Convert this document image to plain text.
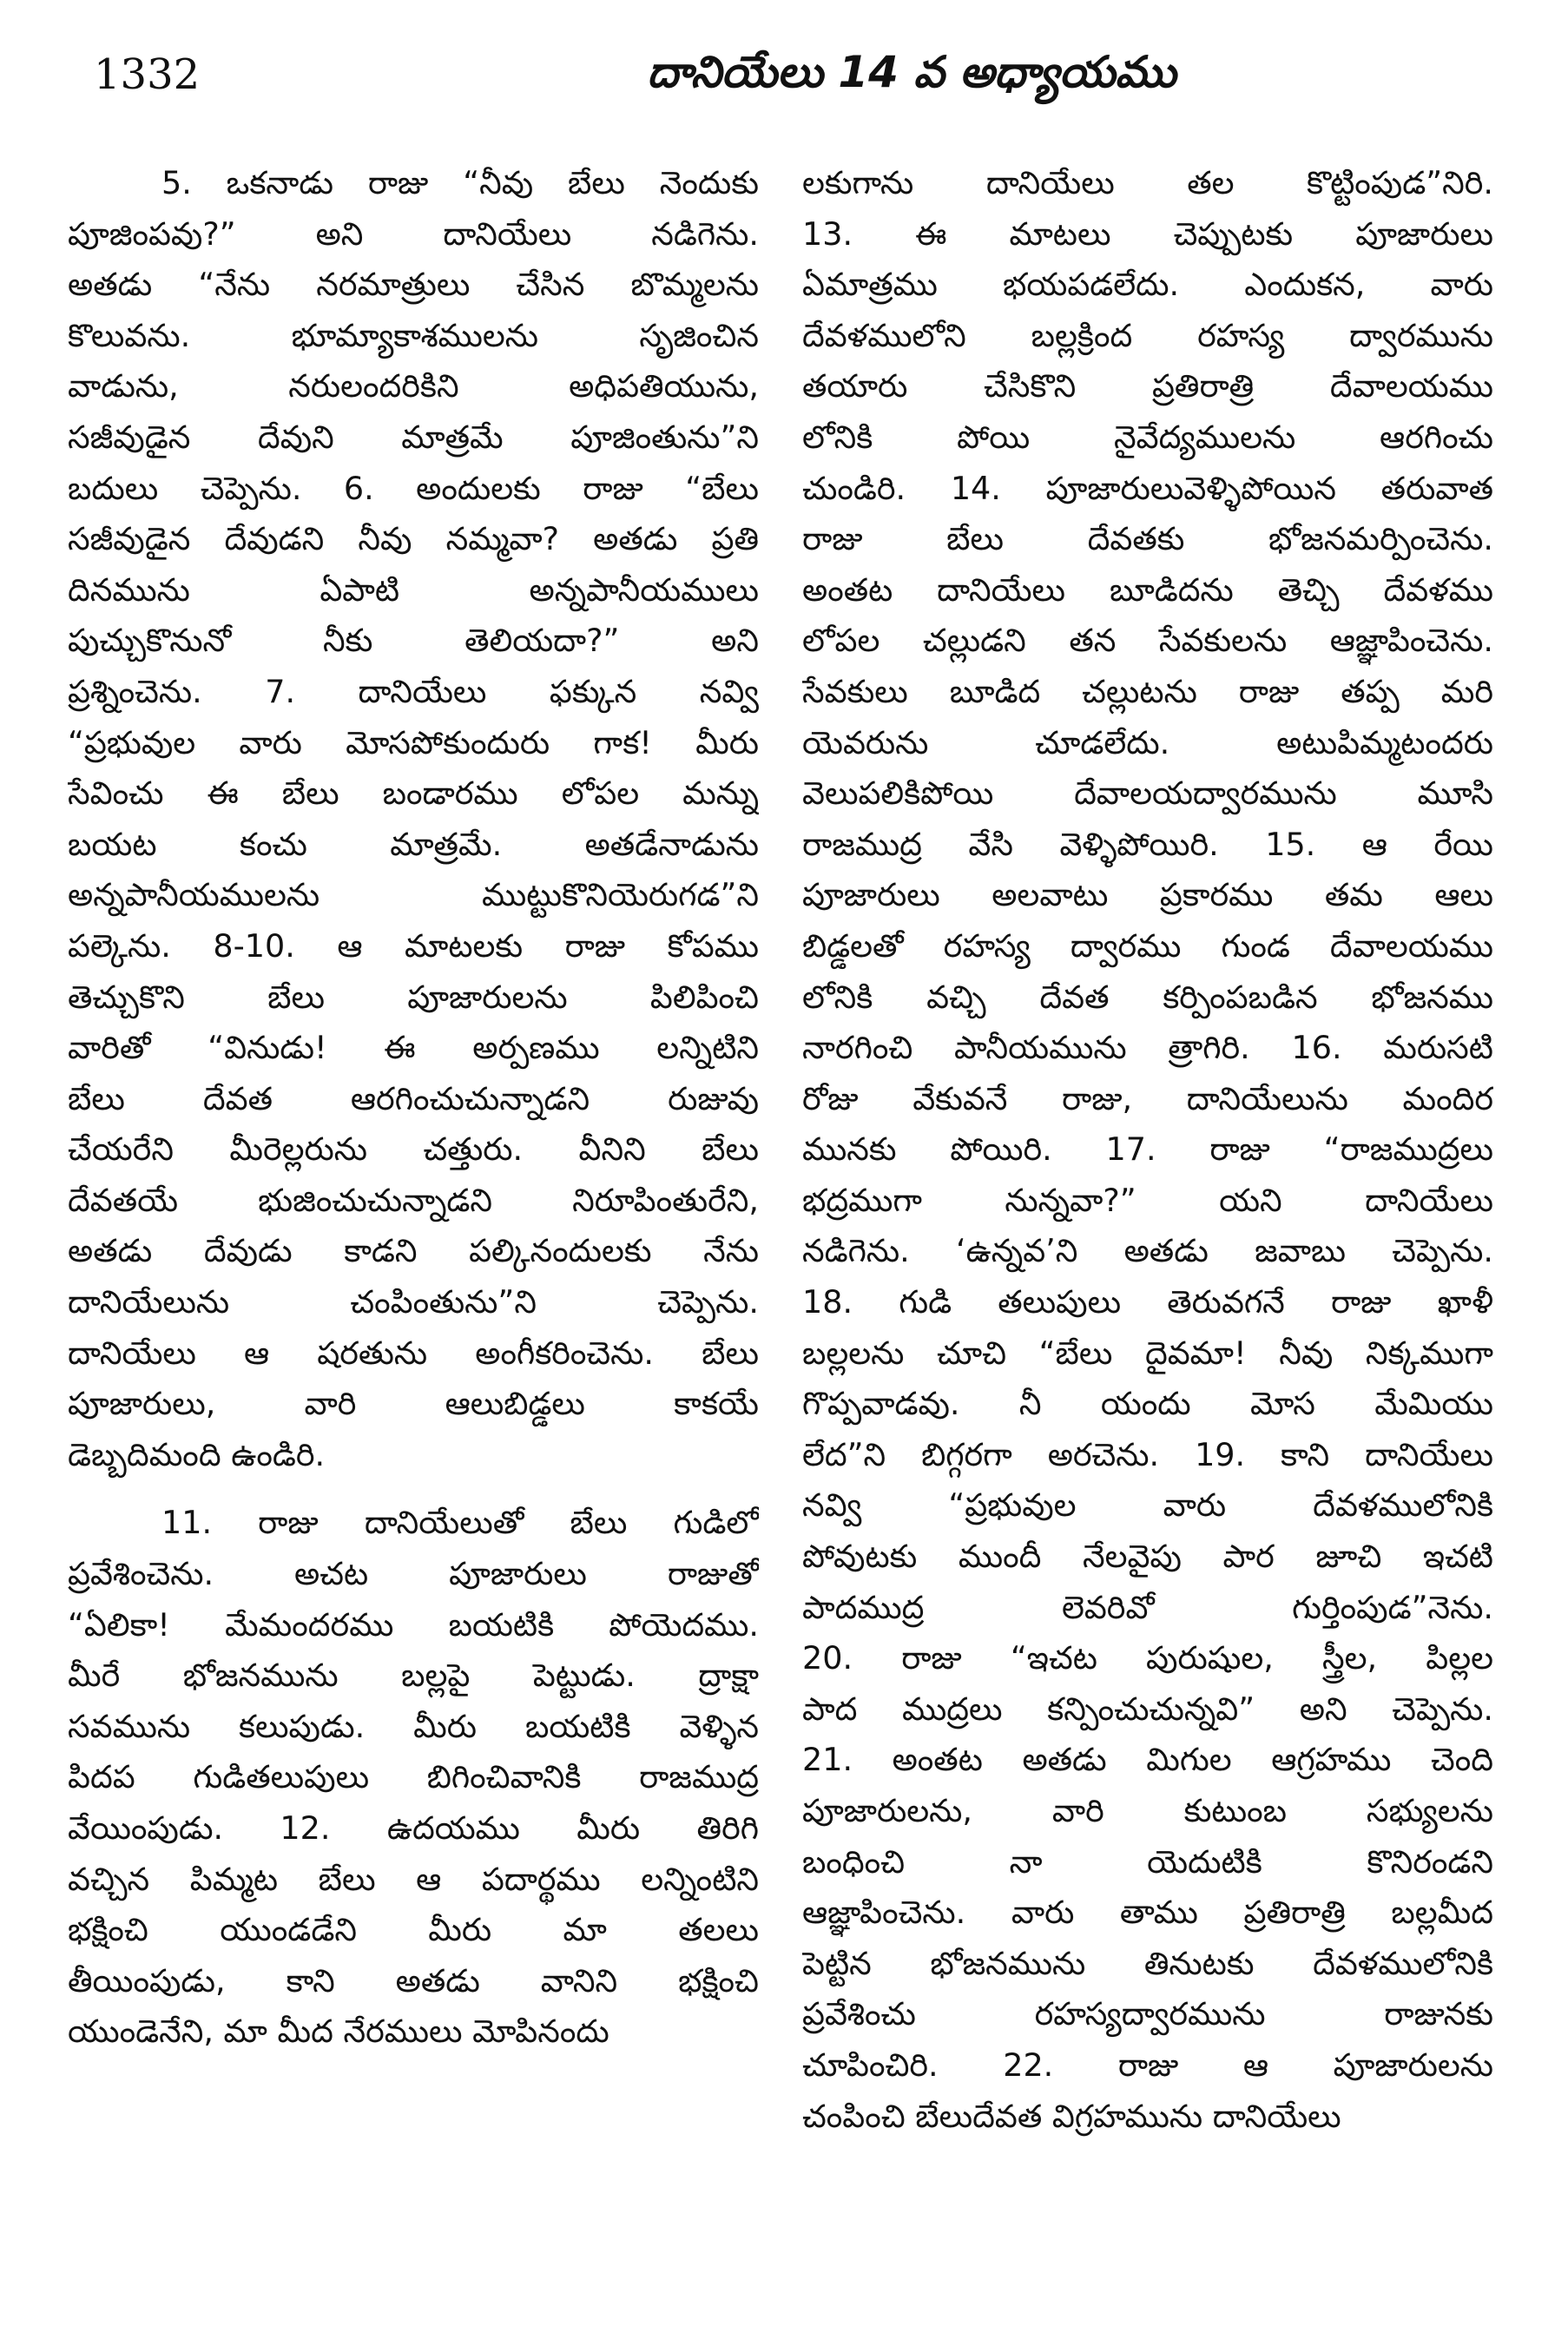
1332	దానియేలు 14 వ అధ్యాయము
5. ఒకనాడు రాజు “నీవు బేలు నెందుకు
పూజింపవు?” అని దానియేలు నడిగెను.
అతడు “నేను నరమాత్రులు చేసిన బొమ్మలను
కొలువను. భూమ్యాకాశములను సృజించిన
వాడును, నరులందరికిని అధిపతియును,
సజీవుడైన దేవుని మాత్రమే పూజింతును”ని
బదులు చెప్పెను. 6. అందులకు రాజు “బేలు
సజీవుడైన దేవుడని నీవు నమ్మవా? అతడు ప్రతి
దినమును ఏపాటి అన్నపానీయములు
పుచ్చుకొనునో నీకు తెలియదా?” అని
ప్రశ్నించెను. 7. దానియేలు ఫక్కున నవ్వి
“ప్రభువుల వారు మోసపోకుందురు గాక! మీరు
సేవించు ఈ బేలు బండారము లోపల మన్ను
బయట కంచు మాత్రమే. అతడేనాడును
అన్నపానీయములను ముట్టుకొనియెరుగడ”ని
పల్కెను. 8-10. ఆ మాటలకు రాజు కోపము
తెచ్చుకొని బేలు పూజారులను పిలిపించి
వారితో “వినుడు! ఈ అర్పణము లన్నిటిని
బేలు దేవత ఆరగించుచున్నాడని రుజువు
చేయరేని మీరెల్లరును చత్తురు. వీనిని బేలు
దేవతయే భుజించుచున్నాడని నిరూపింతురేని,
అతడు దేవుడు కాడని పల్కినందులకు నేను
దానియేలును చంపింతును”ని చెప్పెను.
దానియేలు ఆ షరతును అంగీకరించెను. బేలు
పూజారులు, వారి ఆలుబిడ్డలు కాకయే
డెబ్బదిమంది ఉండిరి.
11. రాజు దానియేలుతో బేలు గుడిలో
ప్రవేశించెను. అచట పూజారులు రాజుతో
“ఏలికా! మేమందరము బయటికి పోయెదము.
మీరే భోజనమును బల్లపై పెట్టుడు. ద్రాక్షా
సవమును కలుపుడు. మీరు బయటికి వెళ్ళిన
పిదప గుడితలుపులు బిగించివానికి రాజముద్ర
వేయింపుడు. 12. ఉదయము మీరు తిరిగి
వచ్చిన పిమ్మట బేలు ఆ పదార్థము లన్నింటిని
భక్షించి యుండడేని మీరు మా తలలు
తీయింపుడు, కాని అతడు వానిని భక్షించి
యుండెనేని, మా మీద నేరములు మోపినందు
లకుగాను దానియేలు తల కొట్టింపుడ”నిరి.
13. ఈ మాటలు చెప్పుటకు పూజారులు
ఏమాత్రము భయపడలేదు. ఎందుకన, వారు
దేవళములోని బల్లక్రింద రహస్య ద్వారమును
తయారు చేసికొని ప్రతిరాత్రి దేవాలయము
లోనికి పోయి నైవేద్యములను ఆరగించు
చుండిరి. 14. పూజారులువెళ్ళిపోయిన తరువాత
రాజు బేలు దేవతకు భోజనమర్పించెను.
అంతట దానియేలు బూడిదను తెచ్చి దేవళము
లోపల చల్లుడని తన సేవకులను ఆజ్ఞాపించెను.
సేవకులు బూడిద చల్లుటను రాజు తప్ప మరి
యెవరును చూడలేదు. అటుపిమ్మటందరు
వెలుపలికిపోయి దేవాలయద్వారమును మూసి
రాజముద్ర వేసి వెళ్ళిపోయిరి. 15. ఆ రేయి
పూజారులు అలవాటు ప్రకారము తమ ఆలు
బిడ్డలతో రహస్య ద్వారము గుండ దేవాలయము
లోనికి వచ్చి దేవత కర్పింపబడిన భోజనము
నారగించి పానీయమును త్రాగిరి. 16. మరుసటి
రోజు వేకువనే రాజు, దానియేలును మందిర
మునకు పోయిరి. 17. రాజు “రాజముద్రలు
భద్రముగా నున్నవా?” యని దానియేలు
నడిగెను. ‘ఉన్నవ’ని అతడు జవాబు చెప్పెను.
18. గుడి తలుపులు తెరువగనే రాజు ఖాళీ
బల్లలను చూచి “బేలు దైవమా! నీవు నిక్కముగా
గొప్పవాడవు. నీ యందు మోస మేమియు
లేద”ని బిగ్గరగా అరచెను. 19. కాని దానియేలు
నవ్వి “ప్రభువుల వారు దేవళములోనికి
పోవుటకు ముందీ నేలవైపు పార జూచి ఇచటి
పాదముద్ర లెవరివో గుర్తింపుడ”నెను.
20. రాజు “ఇచట పురుషుల, స్త్రీల, పిల్లల
పాద ముద్రలు కన్పించుచున్నవి” అని చెప్పెను.
21. అంతట అతడు మిగుల ఆగ్రహము చెంది
పూజారులను, వారి కుటుంబ సభ్యులను
బంధించి నా యెదుటికి కొనిరండని
ఆజ్ఞాపించెను. వారు తాము ప్రతిరాత్రి బల్లమీద
పెట్టిన భోజనమును తినుటకు దేవళములోనికి
ప్రవేశించు రహస్యద్వారమును రాజునకు
చూపించిరి. 22. రాజు ఆ పూజారులను
చంపించి బేలుదేవత విగ్రహమును దానియేలు
